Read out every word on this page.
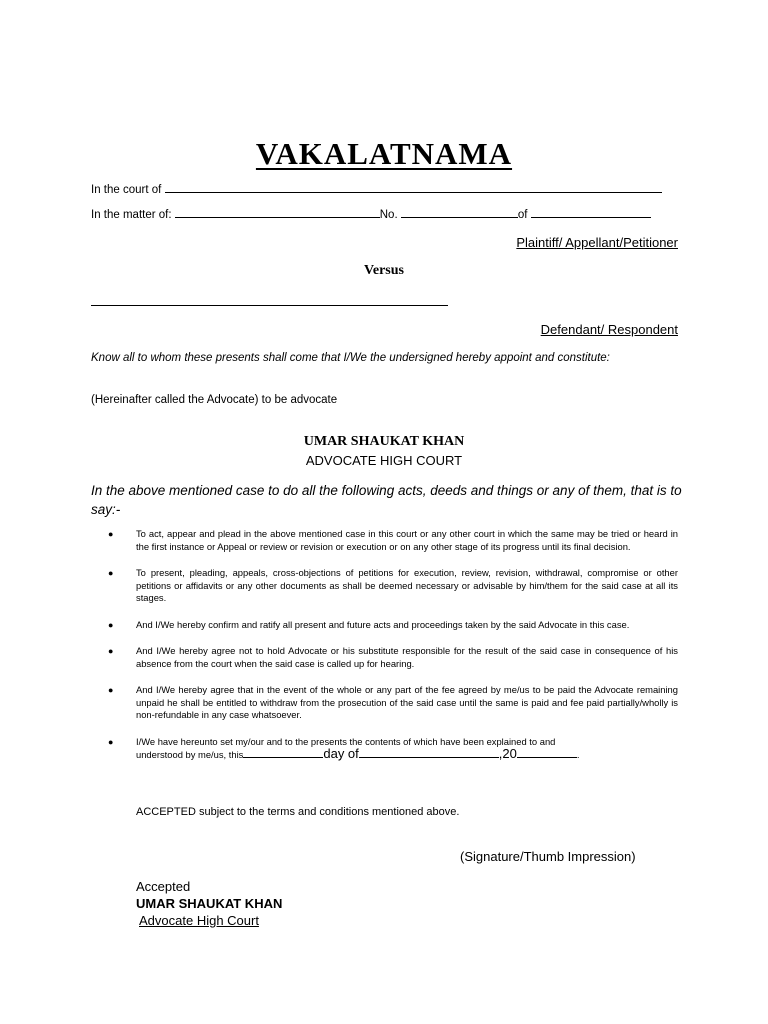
VAKALATNAMA
In the court of
In the matter of:	No.	of
Plaintiff/ Appellant/Petitioner
Versus
Defendant/ Respondent
Know all to whom these presents shall come that I/We the undersigned hereby appoint and constitute:
(Hereinafter called the Advocate) to be advocate
UMAR SHAUKAT KHAN
ADVOCATE HIGH COURT
In the above mentioned case to do all the following acts, deeds and things or any of them, that is to say:-
● To act, appear and plead in the above mentioned case in this court or any other court in which the same may be tried or heard in the first instance or Appeal or review or revision or execution or on any other stage of its progress until its final decision.
● To present, pleading, appeals, cross-objections of petitions for execution, review, revision, withdrawal, compromise or other petitions or affidavits or any other documents as shall be deemed necessary or advisable by him/them for the said case at all its stages.
● And I/We hereby confirm and ratify all present and future acts and proceedings taken by the said Advocate in this case.
● And I/We hereby agree not to hold Advocate or his substitute responsible for the result of the said case in consequence of his absence from the court when the said case is called up for hearing.
● And I/We hereby agree that in the event of the whole or any part of the fee agreed by me/us to be paid the Advocate remaining unpaid he shall be entitled to withdraw from the prosecution of the said case until the same is paid and fee paid partially/wholly is non-refundable in any case whatsoever.
● I/We have hereunto set my/our and to the presents the contents of which have been explained to and
understood by me/us, this	day of	,20	.
ACCEPTED subject to the terms and conditions mentioned above.
(Signature/Thumb Impression)
Accepted
UMAR SHAUKAT KHAN
Advocate High Court
